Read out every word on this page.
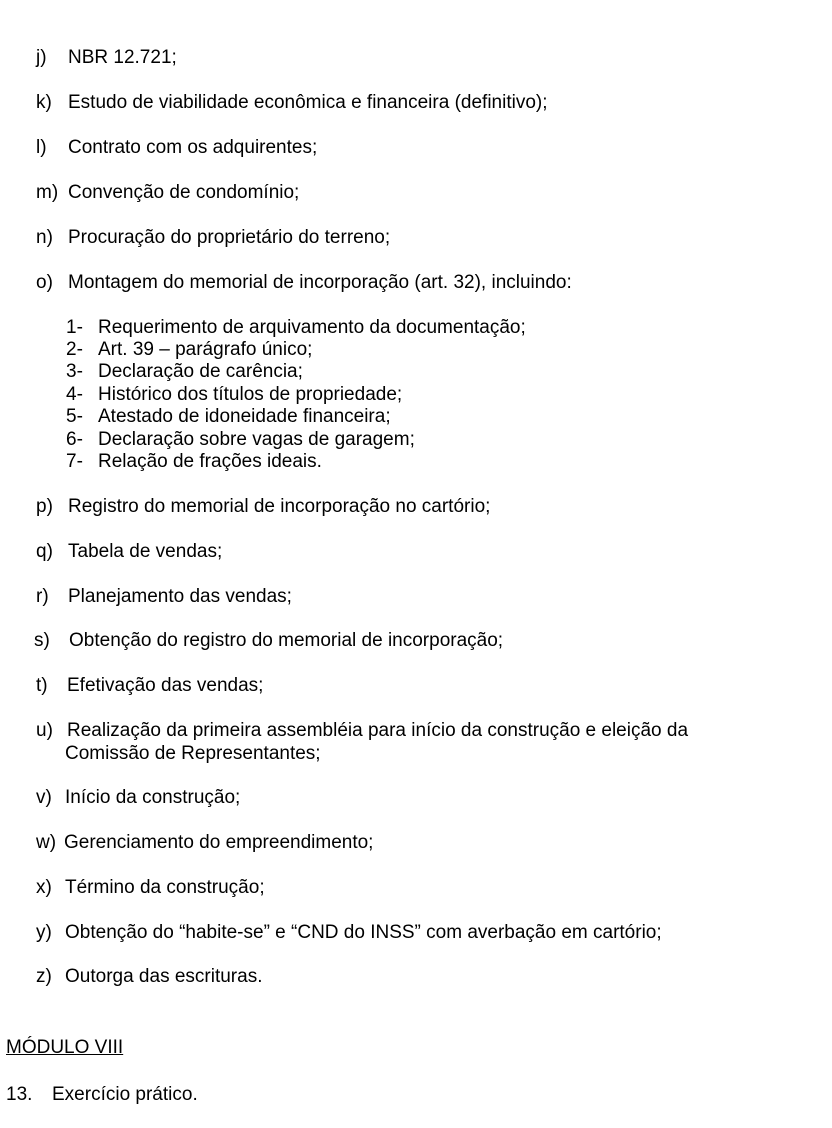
j) NBR 12.721;
k) Estudo de viabilidade econômica e financeira (definitivo);
l) Contrato com os adquirentes;
m) Convenção de condomínio;
n) Procuração do proprietário do terreno;
o) Montagem do memorial de incorporação (art. 32), incluindo:
1- Requerimento de arquivamento da documentação;
2- Art. 39 – parágrafo único;
3- Declaração de carência;
4- Histórico dos títulos de propriedade;
5- Atestado de idoneidade financeira;
6- Declaração sobre vagas de garagem;
7- Relação de frações ideais.
p) Registro do memorial de incorporação no cartório;
q) Tabela de vendas;
r) Planejamento das vendas;
s) Obtenção do registro do memorial de incorporação;
t) Efetivação das vendas;
u) Realização da primeira assembléia para início da construção e eleição da
Comissão de Representantes;
v) Início da construção;
w) Gerenciamento do empreendimento;
x) Término da construção;
y) Obtenção do “habite-se” e “CND do INSS” com averbação em cartório;
z) Outorga das escrituras.
MÓDULO VIII
13. Exercício prático.
